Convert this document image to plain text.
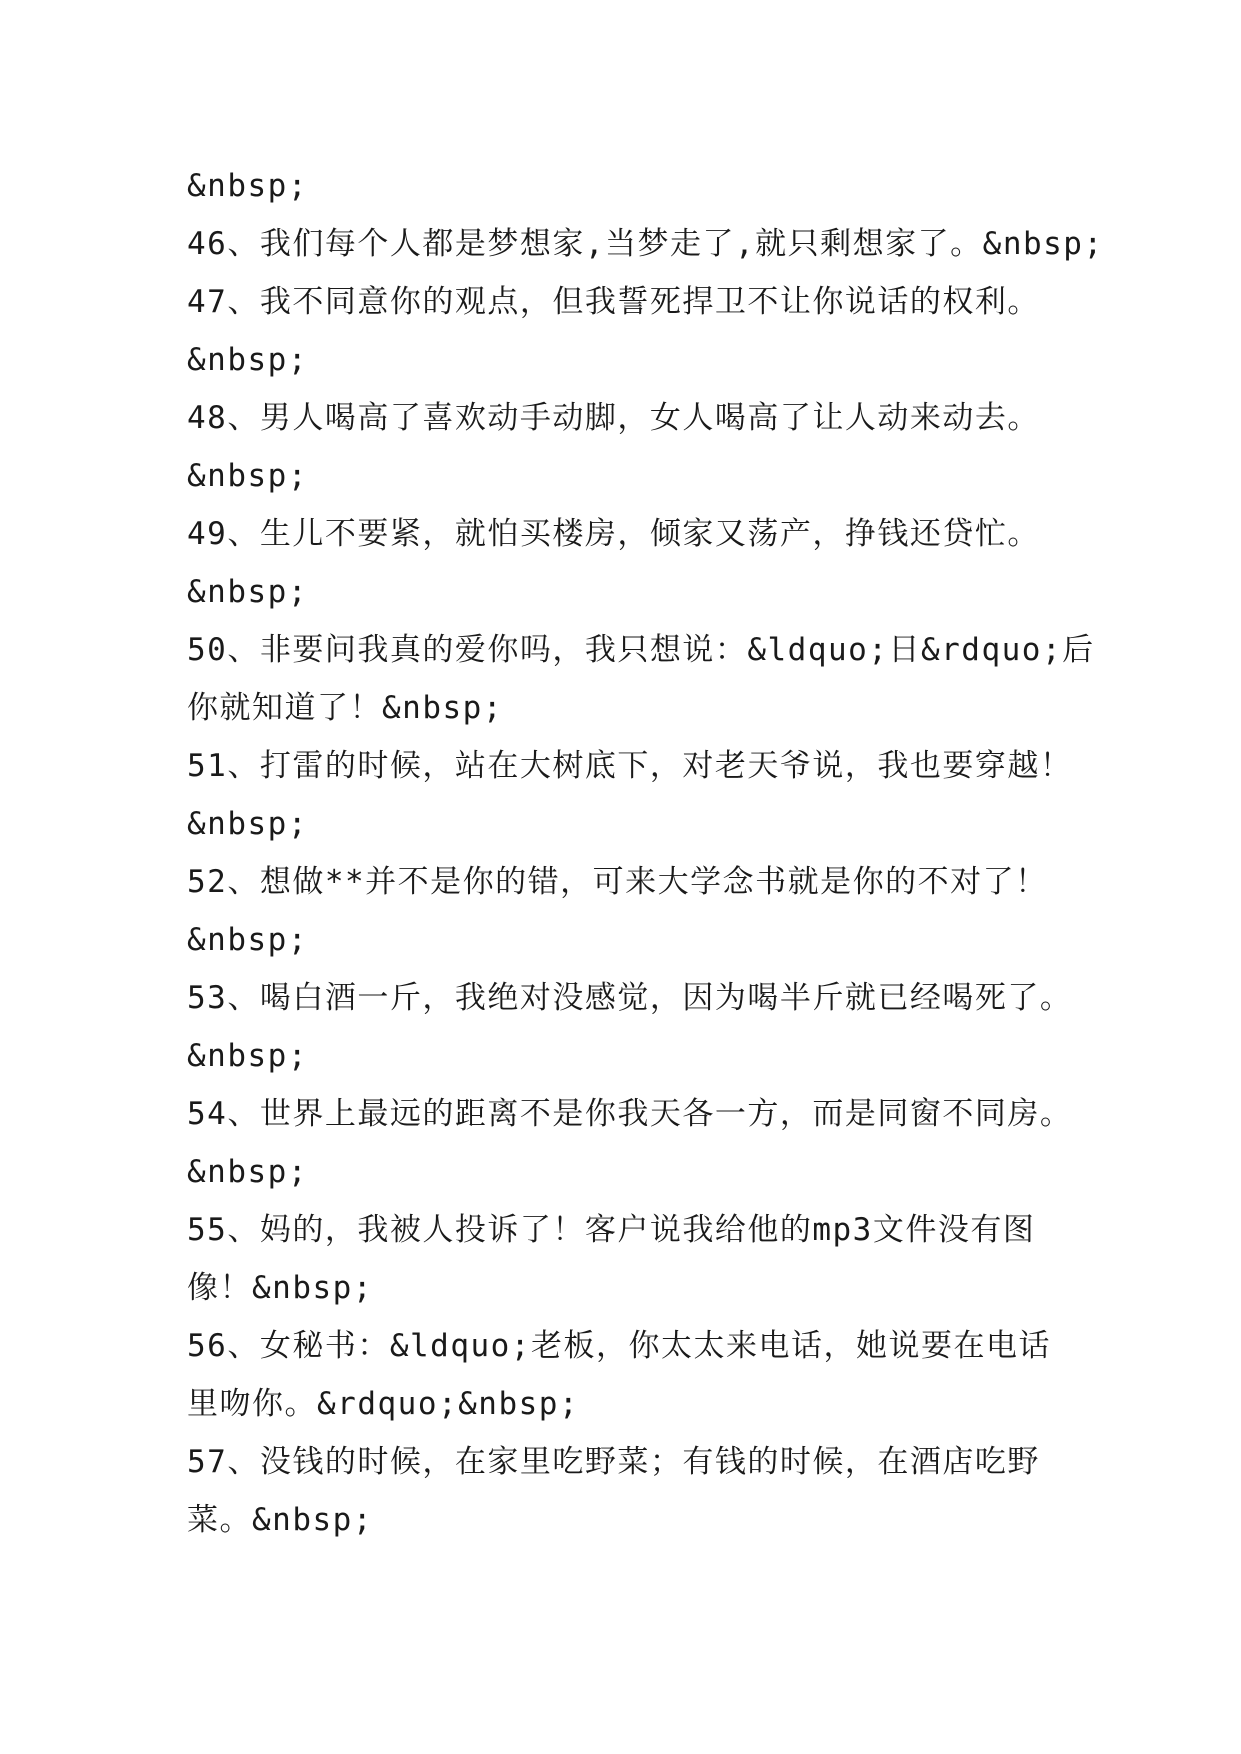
&nbsp;
46、我们每个人都是梦想家,当梦走了,就只剩想家了。&nbsp;
47、我不同意你的观点，但我誓死捍卫不让你说话的权利。
&nbsp;
48、男人喝高了喜欢动手动脚，女人喝高了让人动来动去。
&nbsp;
49、生儿不要紧，就怕买楼房，倾家又荡产，挣钱还贷忙。
&nbsp;
50、非要问我真的爱你吗，我只想说：&ldquo;日&rdquo;后
你就知道了！&nbsp;
51、打雷的时候，站在大树底下，对老天爷说，我也要穿越！
&nbsp;
52、想做**并不是你的错，可来大学念书就是你的不对了！
&nbsp;
53、喝白酒一斤，我绝对没感觉，因为喝半斤就已经喝死了。
&nbsp;
54、世界上最远的距离不是你我天各一方，而是同窗不同房。
&nbsp;
55、妈的，我被人投诉了！客户说我给他的mp3文件没有图
像！&nbsp;
56、女秘书：&ldquo;老板，你太太来电话，她说要在电话
里吻你。&rdquo;&nbsp;
57、没钱的时候，在家里吃野菜；有钱的时候，在酒店吃野
菜。&nbsp;
